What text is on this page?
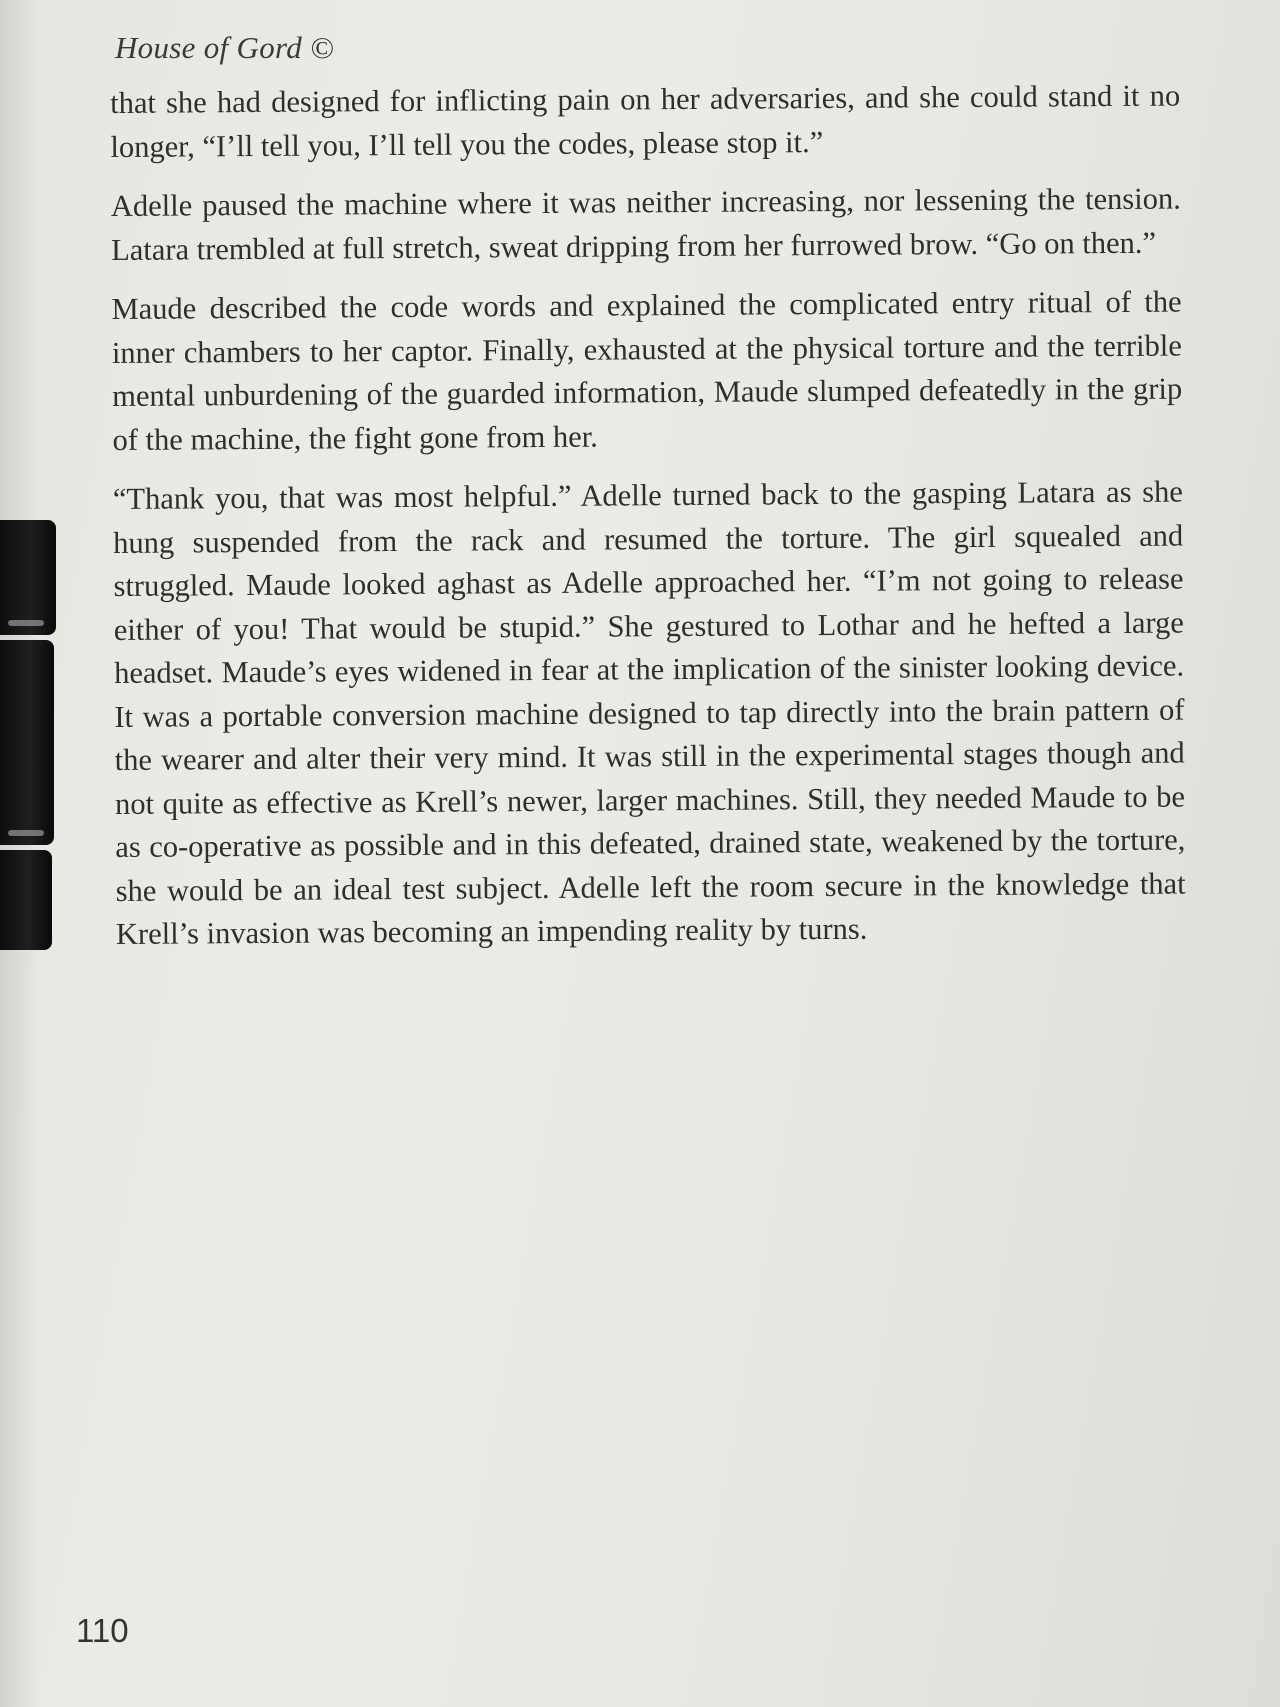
House of Gord ©

that she had designed for inflicting pain on her adversaries, and she could stand it no longer, “I’ll tell you, I’ll tell you the codes, please stop it.”

Adelle paused the machine where it was neither increasing, nor lessening the tension. Latara trembled at full stretch, sweat dripping from her furrowed brow. “Go on then.”

Maude described the code words and explained the complicated entry ritual of the inner chambers to her captor. Finally, exhausted at the physical torture and the terrible mental unburdening of the guarded information, Maude slumped defeatedly in the grip of the machine, the fight gone from her.

“Thank you, that was most helpful.” Adelle turned back to the gasping Latara as she hung suspended from the rack and resumed the torture. The girl squealed and struggled. Maude looked aghast as Adelle approached her. “I’m not going to release either of you! That would be stupid.” She gestured to Lothar and he hefted a large headset. Maude’s eyes widened in fear at the implication of the sinister looking device. It was a portable conversion machine designed to tap directly into the brain pattern of the wearer and alter their very mind. It was still in the experimental stages though and not quite as effective as Krell’s newer, larger machines. Still, they needed Maude to be as co-operative as possible and in this defeated, drained state, weakened by the torture, she would be an ideal test subject. Adelle left the room secure in the knowledge that Krell’s invasion was becoming an impending reality by turns.

110
